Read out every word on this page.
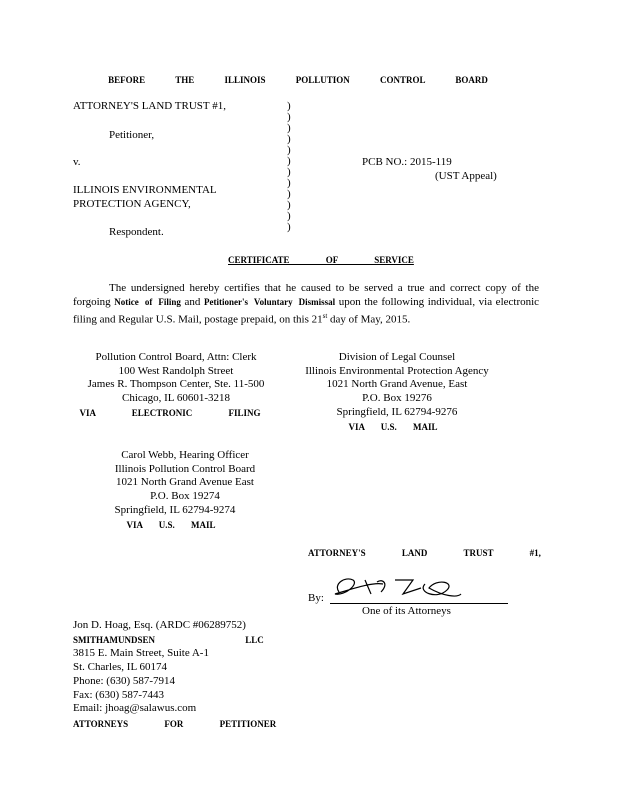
BEFORE THE ILLINOIS POLLUTION CONTROL BOARD
ATTORNEY'S LAND TRUST #1,
Petitioner,
v.
ILLINOIS ENVIRONMENTAL
PROTECTION AGENCY,
Respondent.
)
)
)
)
)
)
)
)
)
)
)
)
PCB NO.: 2015-119
(UST Appeal)
CERTIFICATE OF SERVICE
The undersigned hereby certifies that he caused to be served a true and correct copy of the forgoing Notice of Filing and Petitioner's Voluntary Dismissal upon the following individual, via electronic filing and Regular U.S. Mail, postage prepaid, on this 21st day of May, 2015.
Pollution Control Board, Attn: Clerk
100 West Randolph Street
James R. Thompson Center, Ste. 11-500
Chicago, IL 60601-3218
VIA ELECTRONIC FILING
Division of Legal Counsel
Illinois Environmental Protection Agency
1021 North Grand Avenue, East
P.O. Box 19276
Springfield, IL 62794-9276
VIA U.S. MAIL
Carol Webb, Hearing Officer
Illinois Pollution Control Board
1021 North Grand Avenue East
P.O. Box 19274
Springfield, IL 62794-9274
VIA U.S. MAIL
ATTORNEY'S LAND TRUST #1,
By:
One of its Attorneys
Jon D. Hoag, Esq. (ARDC #06289752)
SMITHAMUNDSEN LLC
3815 E. Main Street, Suite A-1
St. Charles, IL 60174
Phone: (630) 587-7914
Fax: (630) 587-7443
Email: jhoag@salawus.com
ATTORNEYS FOR PETITIONER
